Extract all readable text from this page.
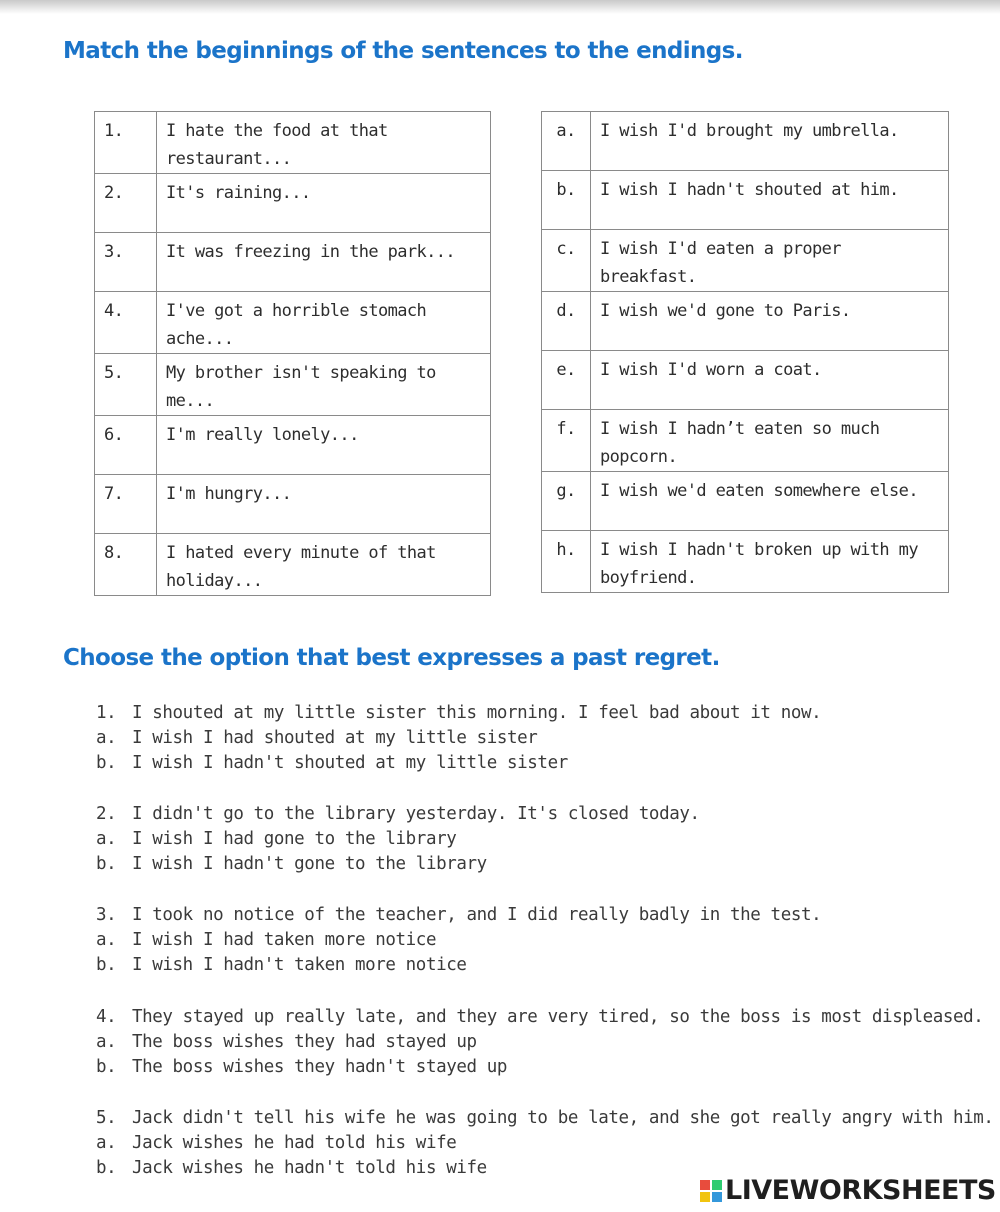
Match the beginnings of the sentences to the endings.
1.	I hate the food at that restaurant...
2.	It's raining...
3.	It was freezing in the park...
4.	I've got a horrible stomach ache...
5.	My brother isn't speaking to me...
6.	I'm really lonely...
7.	I'm hungry...
8.	I hated every minute of that holiday...
a.	I wish I'd brought my umbrella.
b.	I wish I hadn't shouted at him.
c.	I wish I'd eaten a proper breakfast.
d.	I wish we'd gone to Paris.
e.	I wish I'd worn a coat.
f.	I wish I hadn’t eaten so much popcorn.
g.	I wish we'd eaten somewhere else.
h.	I wish I hadn't broken up with my boyfriend.
Choose the option that best expresses a past regret.
1. I shouted at my little sister this morning. I feel bad about it now.
a. I wish I had shouted at my little sister
b. I wish I hadn't shouted at my little sister
2. I didn't go to the library yesterday. It's closed today.
a. I wish I had gone to the library
b. I wish I hadn't gone to the library
3. I took no notice of the teacher, and I did really badly in the test.
a. I wish I had taken more notice
b. I wish I hadn't taken more notice
4. They stayed up really late, and they are very tired, so the boss is most displeased.
a. The boss wishes they had stayed up
b. The boss wishes they hadn't stayed up
5. Jack didn't tell his wife he was going to be late, and she got really angry with him.
a. Jack wishes he had told his wife
b. Jack wishes he hadn't told his wife
LIVEWORKSHEETS
